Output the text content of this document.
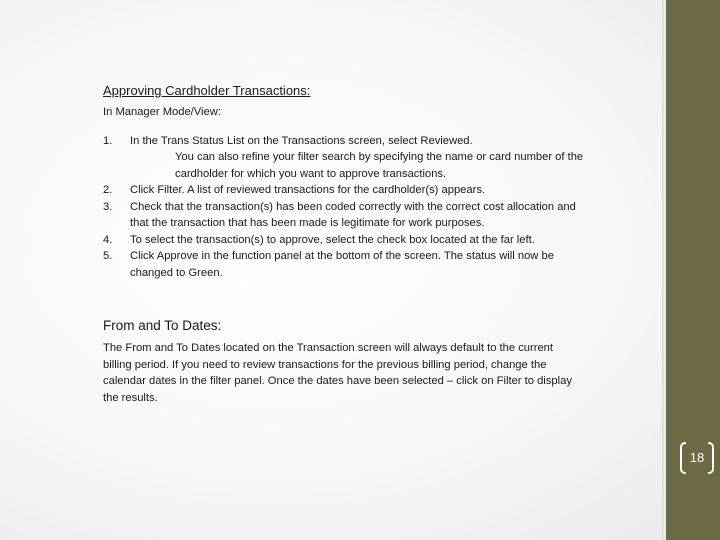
Approving Cardholder Transactions:
In Manager Mode/View:
1. In the Trans Status List on the Transactions screen, select Reviewed.
You can also refine your filter search by specifying the name or card number of the cardholder for which you want to approve transactions.
2. Click Filter. A list of reviewed transactions for the cardholder(s) appears.
3. Check that the transaction(s) has been coded correctly with the correct cost allocation and that the transaction that has been made is legitimate for work purposes.
4. To select the transaction(s) to approve, select the check box located at the far left.
5. Click Approve in the function panel at the bottom of the screen. The status will now be changed to Green.
From and To Dates:

The From and To Dates located on the Transaction screen will always default to the current billing period. If you need to review transactions for the previous billing period, change the calendar dates in the filter panel. Once the dates have been selected – click on Filter to display the results.

18
